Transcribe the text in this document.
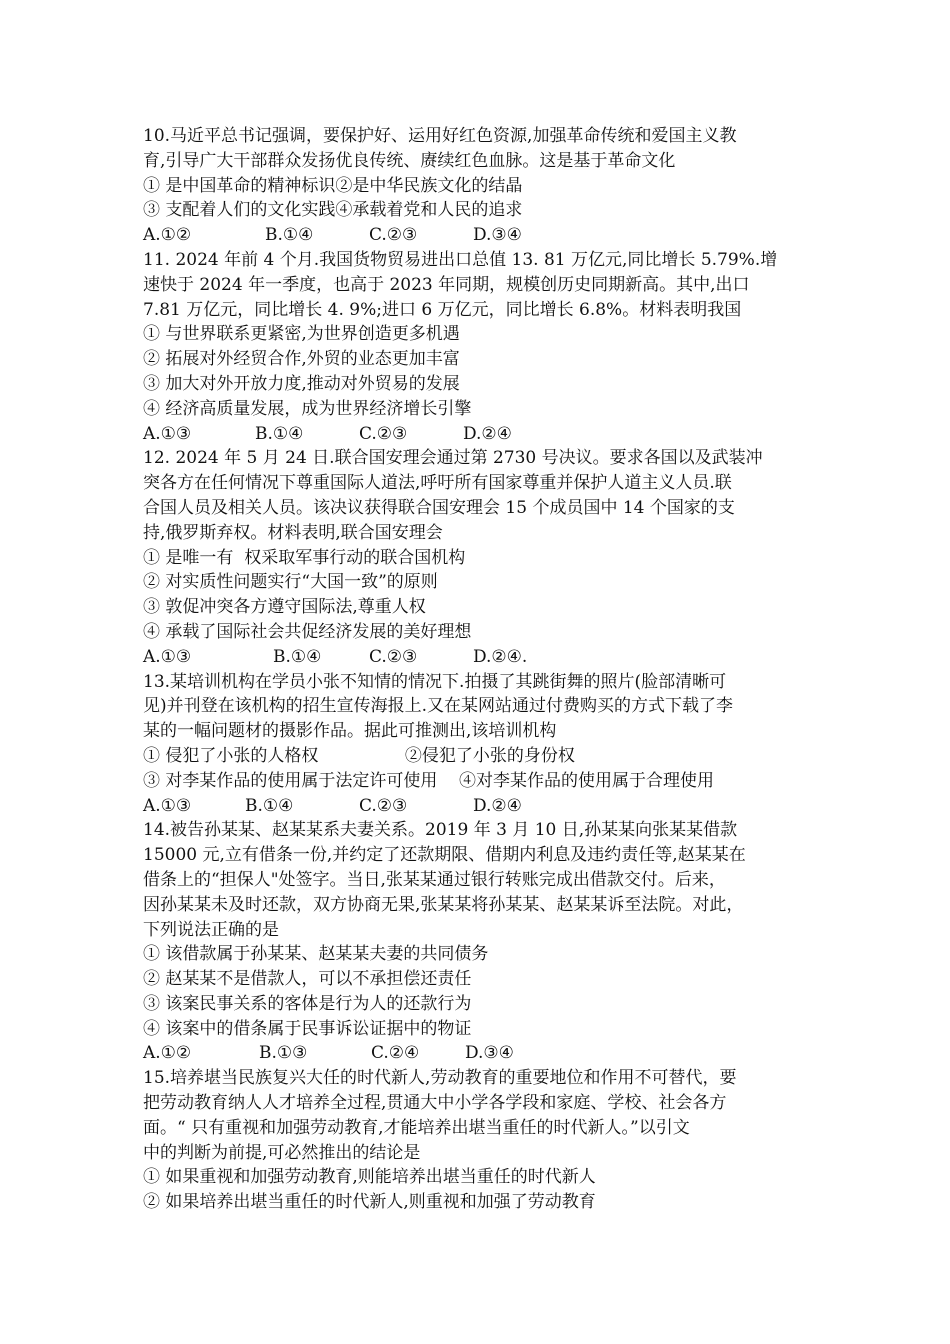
10.马近平总书记强调，要保护好、运用好红色资源,加强革命传统和爱国主义教
育,引导广大干部群众发扬优良传统、赓续红色血脉。这是基于革命文化
① 是中国革命的精神标识②是中华民族文化的结晶
③ 支配着人们的文化实践④承载着党和人民的追求
A.①②	B.①④	C.②③	D.③④
11. 2024 年前 4 个月.我国货物贸易进出口总值 13. 81 万亿元,同比增长 5.79%.增
速快于 2024 年一季度，也高于 2023 年同期，规模创历史同期新高。其中,出口
7.81 万亿元，同比增长 4. 9%;进口 6 万亿元，同比增长 6.8%。材料表明我国
① 与世界联系更紧密,为世界创造更多机遇
② 拓展对外经贸合作,外贸的业态更加丰富
③ 加大对外开放力度,推动对外贸易的发展
④ 经济高质量发展，成为世界经济增长引擎
A.①③	B.①④	C.②③	D.②④
12. 2024 年 5 月 24 日.联合国安理会通过第 2730 号决议。要求各国以及武装冲
突各方在任何情况下尊重国际人道法,呼吁所有国家尊重并保护人道主义人员.联
合国人员及相关人员。该决议获得联合国安理会 15 个成员国中 14 个国家的支
持,俄罗斯弃权。材料表明,联合国安理会
① 是唯一有  权采取军事行动的联合国机构
② 对实质性问题实行“大国一致”的原则
③ 敦促冲突各方遵守国际法,尊重人权
④ 承载了国际社会共促经济发展的美好理想
A.①③	B.①④	C.②③	D.②④.
13.某培训机构在学员小张不知情的情况下.拍摄了其跳街舞的照片(脸部清晰可
见)并刊登在该机构的招生宣传海报上.又在某网站通过付费购买的方式下载了李
某的一幅问题材的摄影作品。据此可推测出,该培训机构
① 侵犯了小张的人格权                ②侵犯了小张的身份权
③ 对李某作品的使用属于法定许可使用    ④对李某作品的使用属于合理使用
A.①③	B.①④	C.②③	D.②④
14.被告孙某某、赵某某系夫妻关系。2019 年 3 月 10 日,孙某某向张某某借款
15000 元,立有借条一份,并约定了还款期限、借期内利息及违约责任等,赵某某在
借条上的“担保人"处签字。当日,张某某通过银行转账完成出借款交付。后来，
因孙某某未及时还款，双方协商无果,张某某将孙某某、赵某某诉至法院。对此，
下列说法正确的是
① 该借款属于孙某某、赵某某夫妻的共同债务
② 赵某某不是借款人，可以不承担偿还责任
③ 该案民事关系的客体是行为人的还款行为
④ 该案中的借条属于民事诉讼证据中的物证
A.①②	B.①③	C.②④	D.③④
15.培养堪当民族复兴大任的时代新人,劳动教育的重要地位和作用不可替代，要
把劳动教育纳人人才培养全过程,贯通大中小学各学段和家庭、学校、社会各方
面。“ 只有重视和加强劳动教育,才能培养出堪当重任的时代新人。”以引文
中的判断为前提,可必然推出的结论是
① 如果重视和加强劳动教育,则能培养出堪当重任的时代新人
② 如果培养出堪当重任的时代新人,则重视和加强了劳动教育
